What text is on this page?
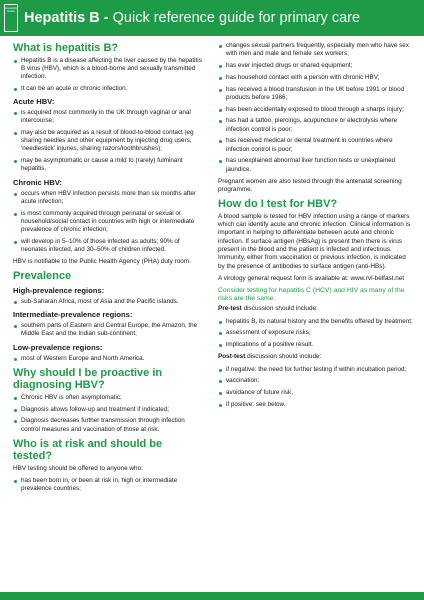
Hepatitis Guide Hepatitis B - Quick reference guide for primary care
What is hepatitis B?
Hepatitis B is a disease affecting the liver caused by the hepatitis B virus (HBV), which is a blood-borne and sexually transmitted infection.
It can be an acute or chronic infection.
Acute HBV:
is acquired most commonly in the UK through vaginal or anal intercourse;
may also be acquired as a result of blood-to-blood contact (eg sharing needles and other equipment by injecting drug users, 'needlestick' injuries, sharing razors/toothbrushes);
may be asymptomatic or cause a mild to (rarely) fulminant hepatitis.
Chronic HBV:
occurs when HBV infection persists more than six months after acute infection;
is most commonly acquired through perinatal or sexual or household/social contact in countries with high or intermediate prevalence of chronic infection;
will develop in 5–10% of those infected as adults; 90% of neonates infected, and 30–50% of children infected.

HBV is notifiable to the Public Health Agency (PHA) duty room.

Prevalence
High-prevalence regions:
sub-Saharan Africa, most of Asia and the Pacific islands.
Intermediate-prevalence regions:
southern parts of Eastern and Central Europe, the Amazon, the Middle East and the Indian sub-continent;
Low-prevalence regions:
most of Western Europe and North America.
Why should I be proactive in diagnosing HBV?
Chronic HBV is often asymptomatic;
Diagnosis allows follow-up and treatment if indicated;
Diagnosis decreases further transmission through infection control measures and vaccination of those at risk.
Who is at risk and should be tested?

HBV testing should be offered to anyone who:

has been born in, or been at risk in, high or intermediate prevalence countries;
changes sexual partners frequently, especially men who have sex with men and male and female sex workers;
has ever injected drugs or shared equipment;
has household contact with a person with chronic HBV;
has received a blood transfusion in the UK before 1991 or blood products before 1986;
has been accidentally exposed to blood through a sharps injury;
has had a tattoo, piercings, acupuncture or electrolysis where infection control is poor;
has received medical or dental treatment in countries where infection control is poor;
has unexplained abnormal liver function tests or unexplained jaundice.

Pregnant women are also tested through the antenatal screening programme.

How do I test for HBV?

A blood sample is tested for HBV infection using a range of markers which can identify acute and chronic infection. Clinical information is important in helping to differentiate between acute and chronic infection. If surface antigen (HBsAg) is present then there is virus present in the blood and the patient is infected and infectious. Immunity, either from vaccination or previous infection, is indicated by the presence of antibodies to surface antigen (anti-HBs).

A virology general request form is available at: www.rvl-belfast.net

Consider testing for hepatitis C (HCV) and HIV as many of the risks are the same.

Pre-test discussion should include:

hepatitis B, its natural history and the benefits offered by treatment;
assessment of exposure risks;
implications of a positive result.

Post-test discussion should include:

if negative: the need for further testing if within incubation period;
vaccination;
avoidance of future risk;
if positive: see below.
